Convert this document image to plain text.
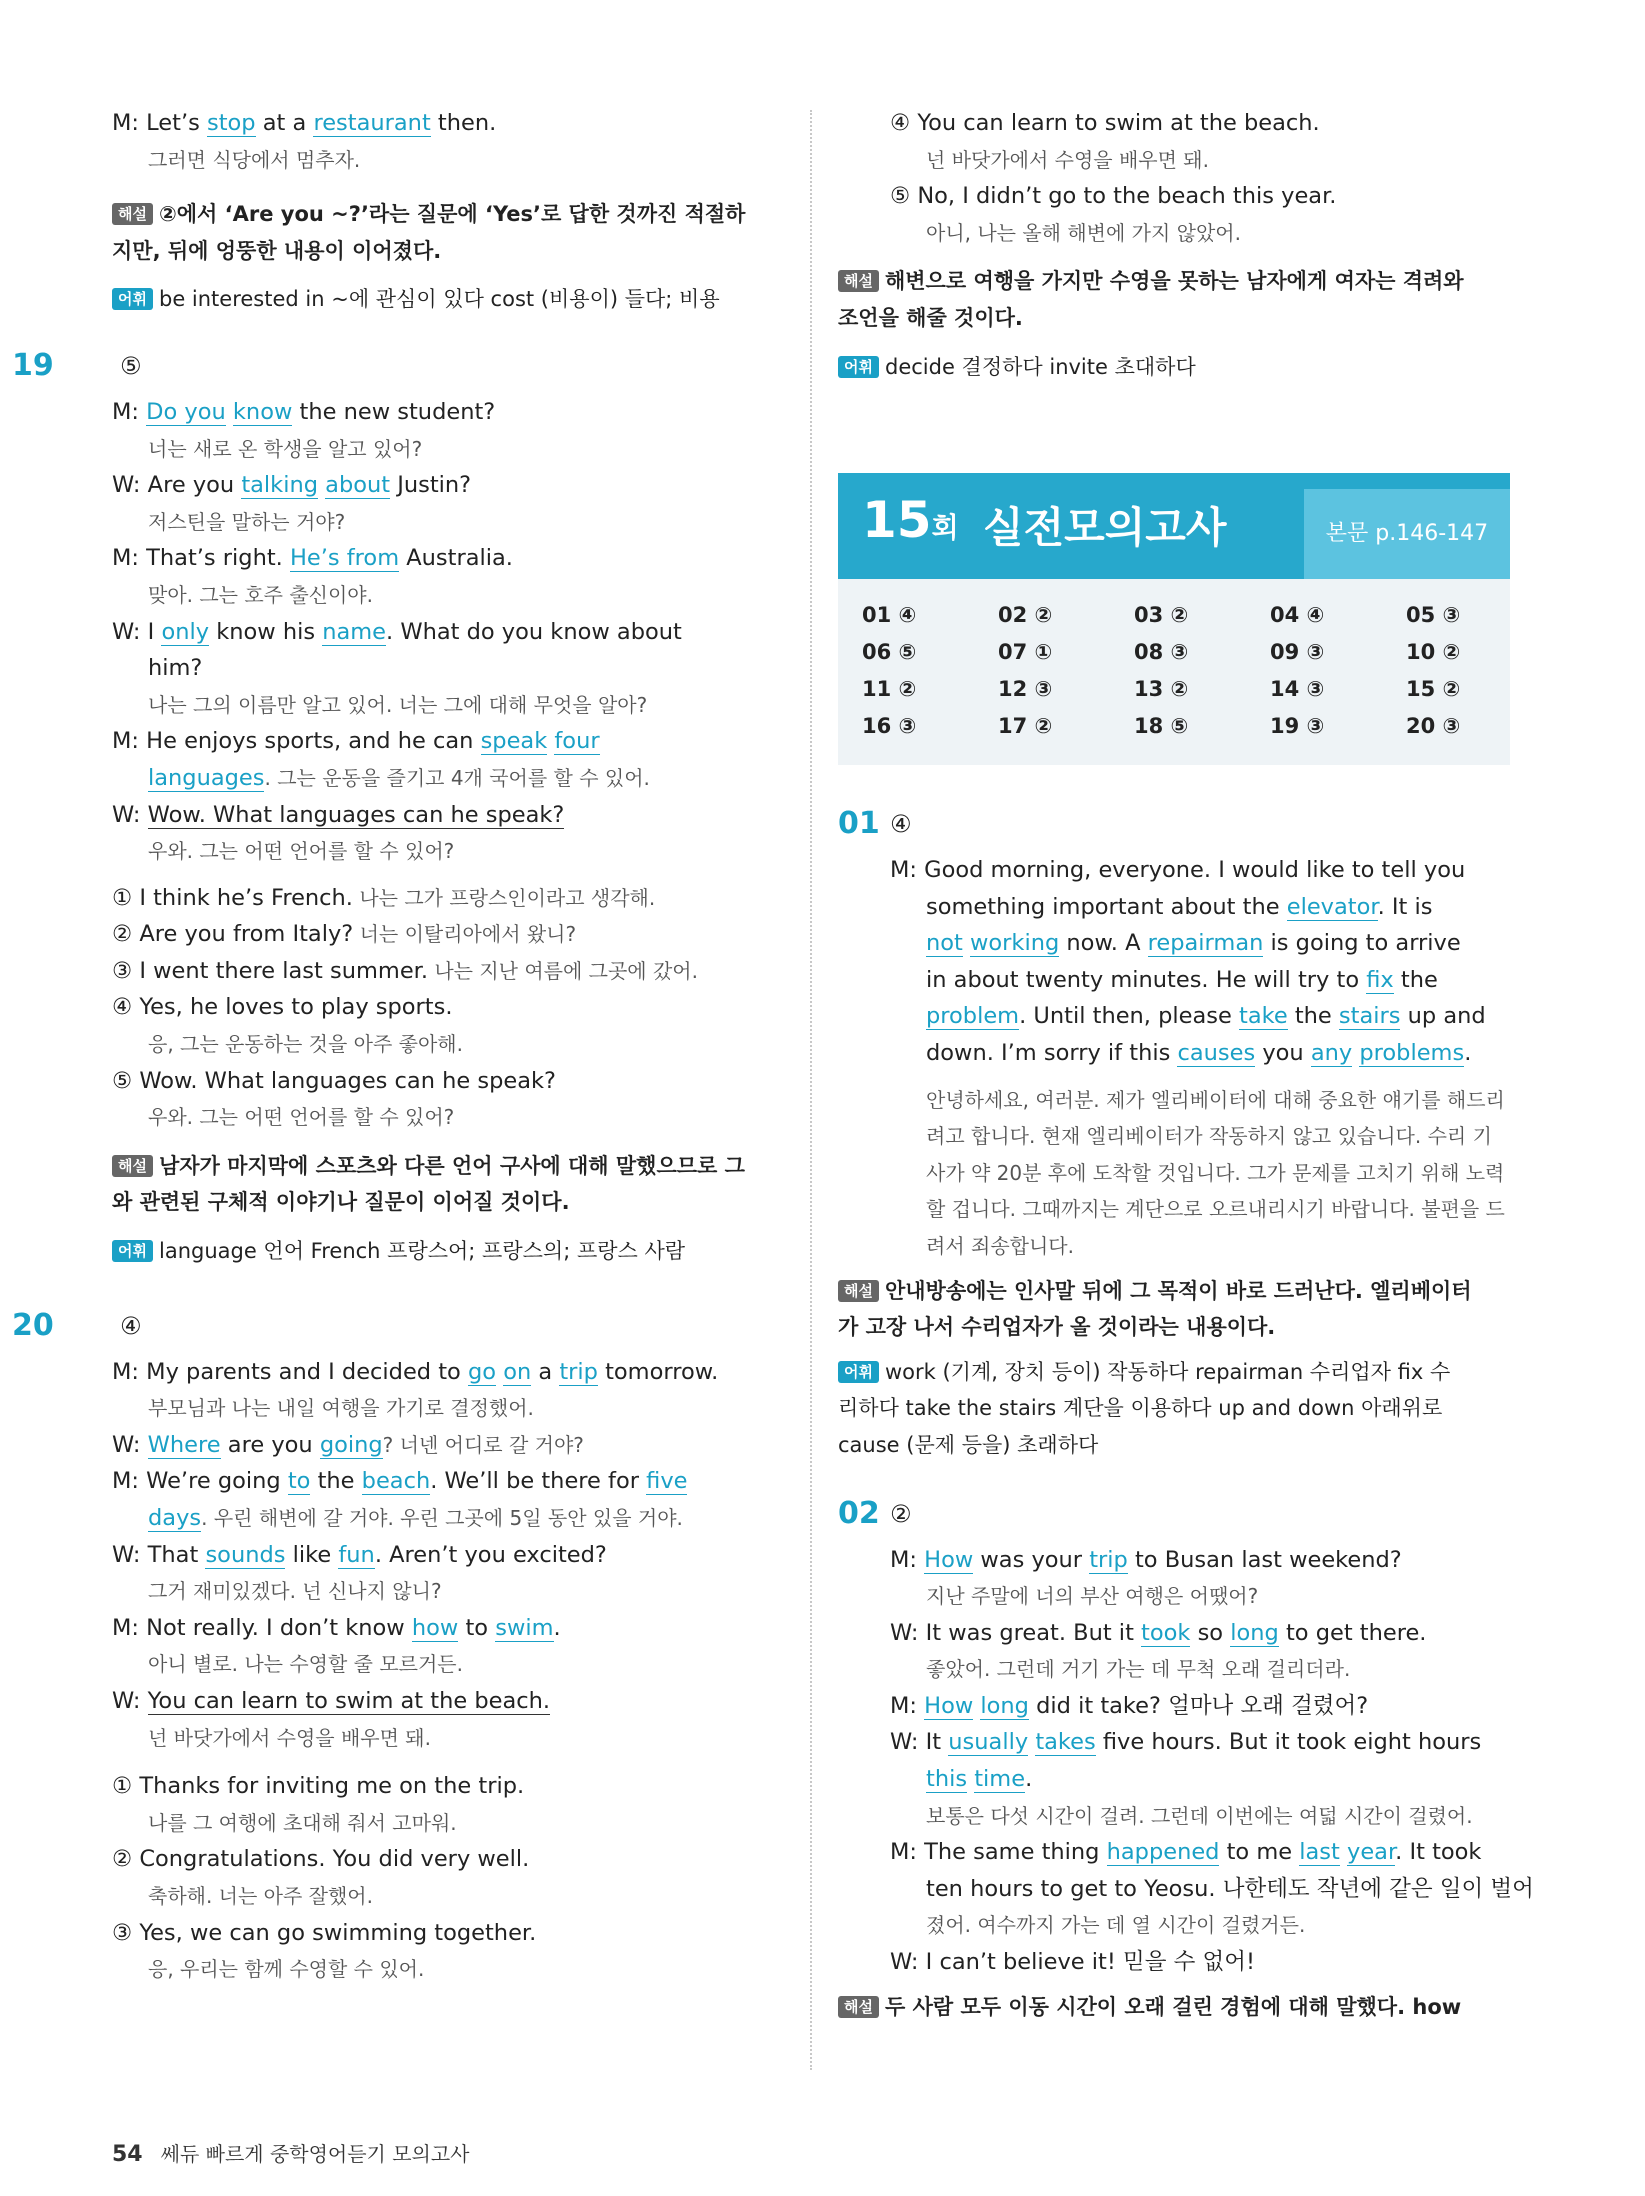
M: Let’s stop at a restaurant then.
그러면 식당에서 멈추자.
해설 ②에서 ‘Are you ~?’라는 질문에 ‘Yes’로 답한 것까진 적절하
지만, 뒤에 엉뚱한 내용이 이어졌다.
어휘 be interested in ~에 관심이 있다 cost (비용이) 들다; 비용
19	⑤
M: Do you know the new student?
너는 새로 온 학생을 알고 있어?
W: Are you talking about Justin?
저스틴을 말하는 거야?
M: That’s right. He’s from Australia.
맞아. 그는 호주 출신이야.
W: I only know his name. What do you know about
him?
나는 그의 이름만 알고 있어. 너는 그에 대해 무엇을 알아?
M: He enjoys sports, and he can speak four
languages. 그는 운동을 즐기고 4개 국어를 할 수 있어.
W: Wow. What languages can he speak?
우와. 그는 어떤 언어를 할 수 있어?
① I think he’s French. 나는 그가 프랑스인이라고 생각해.
② Are you from Italy? 너는 이탈리아에서 왔니?
③ I went there last summer. 나는 지난 여름에 그곳에 갔어.
④ Yes, he loves to play sports.
응, 그는 운동하는 것을 아주 좋아해.
⑤ Wow. What languages can he speak?
우와. 그는 어떤 언어를 할 수 있어?
해설 남자가 마지막에 스포츠와 다른 언어 구사에 대해 말했으므로 그
와 관련된 구체적 이야기나 질문이 이어질 것이다.
어휘 language 언어 French 프랑스어; 프랑스의; 프랑스 사람
20	④
M: My parents and I decided to go on a trip tomorrow.
부모님과 나는 내일 여행을 가기로 결정했어.
W: Where are you going? 너넨 어디로 갈 거야?
M: We’re going to the beach. We’ll be there for five
days. 우린 해변에 갈 거야. 우린 그곳에 5일 동안 있을 거야.
W: That sounds like fun. Aren’t you excited?
그거 재미있겠다. 넌 신나지 않니?
M: Not really. I don’t know how to swim.
아니 별로. 나는 수영할 줄 모르거든.
W: You can learn to swim at the beach.
넌 바닷가에서 수영을 배우면 돼.
① Thanks for inviting me on the trip.
나를 그 여행에 초대해 줘서 고마워.
② Congratulations. You did very well.
축하해. 너는 아주 잘했어.
③ Yes, we can go swimming together.
응, 우리는 함께 수영할 수 있어.
④ You can learn to swim at the beach.
넌 바닷가에서 수영을 배우면 돼.
⑤ No, I didn’t go to the beach this year.
아니, 나는 올해 해변에 가지 않았어.
해설 해변으로 여행을 가지만 수영을 못하는 남자에게 여자는 격려와
조언을 해줄 것이다.
어휘 decide 결정하다 invite 초대하다
15회 실전모의고사	본문 p.146-147
01 ④	02 ②	03 ②	04 ④	05 ③
06 ⑤	07 ①	08 ③	09 ③	10 ②
11 ②	12 ③	13 ②	14 ③	15 ②
16 ③	17 ②	18 ⑤	19 ③	20 ③
01 ④
M: Good morning, everyone. I would like to tell you
something important about the elevator. It is
not working now. A repairman is going to arrive
in about twenty minutes. He will try to fix the
problem. Until then, please take the stairs up and
down. I’m sorry if this causes you any problems.
안녕하세요, 여러분. 제가 엘리베이터에 대해 중요한 얘기를 해드리
려고 합니다. 현재 엘리베이터가 작동하지 않고 있습니다. 수리 기
사가 약 20분 후에 도착할 것입니다. 그가 문제를 고치기 위해 노력
할 겁니다. 그때까지는 계단으로 오르내리시기 바랍니다. 불편을 드
려서 죄송합니다.
해설 안내방송에는 인사말 뒤에 그 목적이 바로 드러난다. 엘리베이터
가 고장 나서 수리업자가 올 것이라는 내용이다.
어휘 work (기계, 장치 등이) 작동하다 repairman 수리업자 fix 수
리하다 take the stairs 계단을 이용하다 up and down 아래위로
cause (문제 등을) 초래하다
02 ②
M: How was your trip to Busan last weekend?
지난 주말에 너의 부산 여행은 어땠어?
W: It was great. But it took so long to get there.
좋았어. 그런데 거기 가는 데 무척 오래 걸리더라.
M: How long did it take? 얼마나 오래 걸렸어?
W: It usually takes five hours. But it took eight hours
this time.
보통은 다섯 시간이 걸려. 그런데 이번에는 여덟 시간이 걸렸어.
M: The same thing happened to me last year. It took
ten hours to get to Yeosu. 나한테도 작년에 같은 일이 벌어
졌어. 여수까지 가는 데 열 시간이 걸렸거든.
W: I can’t believe it! 믿을 수 없어!
해설 두 사람 모두 이동 시간이 오래 걸린 경험에 대해 말했다. how
54 쎄듀 빠르게 중학영어듣기 모의고사
